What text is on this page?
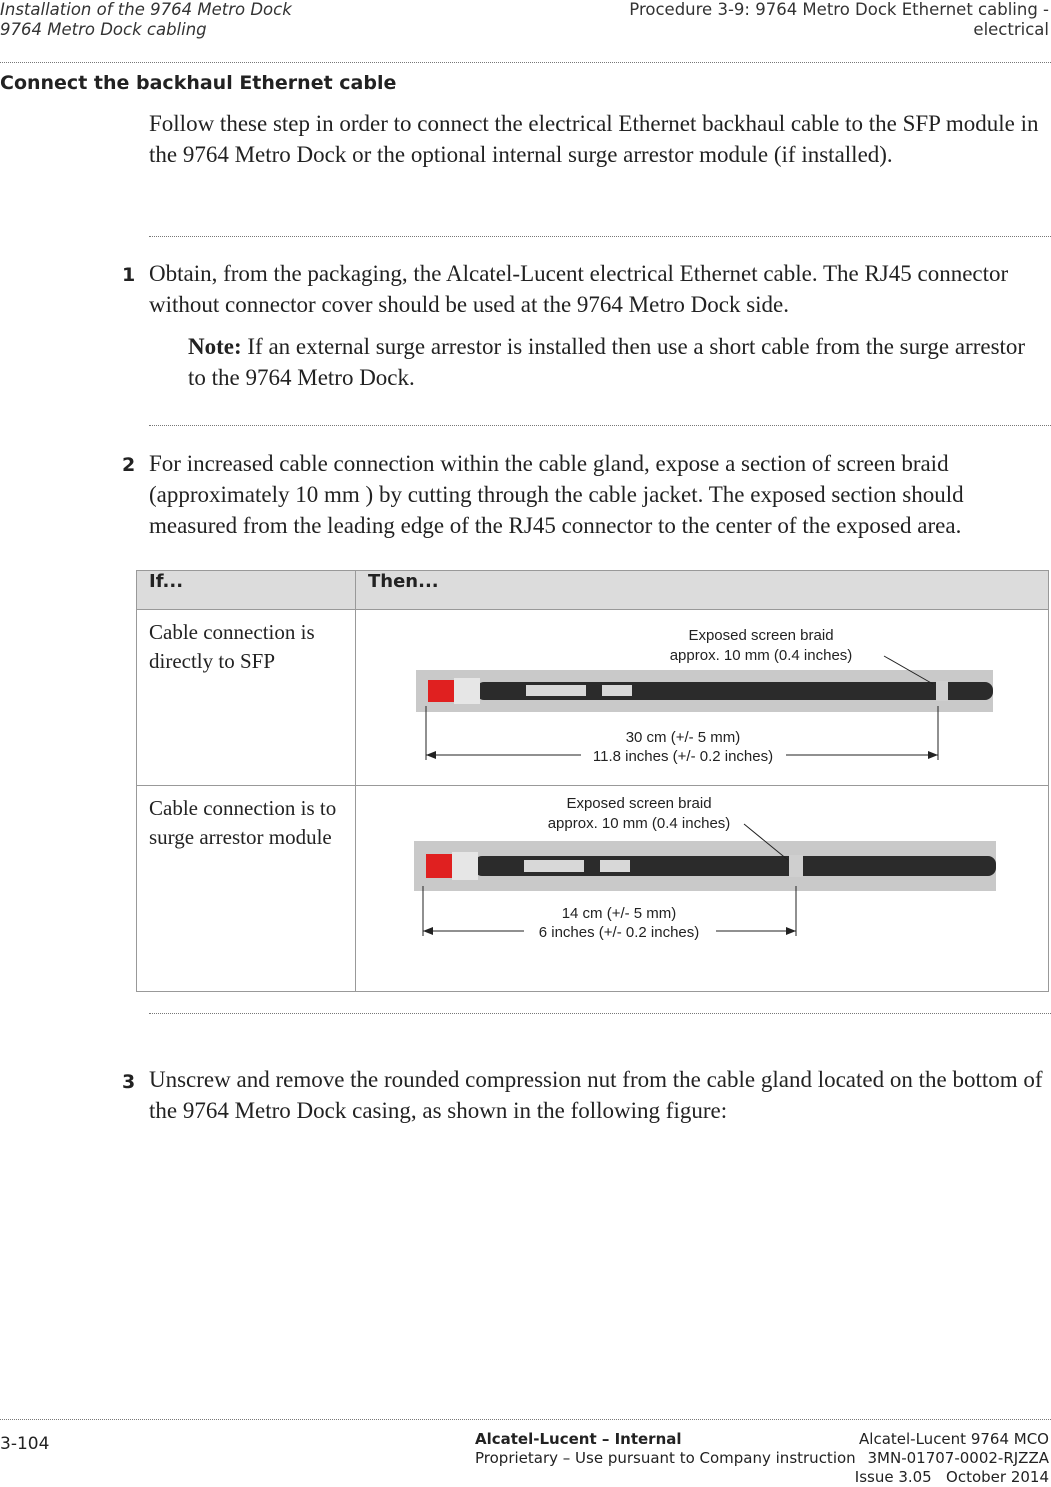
Installation of the 9764 Metro Dock
9764 Metro Dock cabling
Procedure 3-9: 9764 Metro Dock Ethernet cabling -
electrical
Connect the backhaul Ethernet cable
Follow these step in order to connect the electrical Ethernet backhaul cable to the SFP module in the 9764 Metro Dock or the optional internal surge arrestor module (if installed).
1 Obtain, from the packaging, the Alcatel-Lucent electrical Ethernet cable. The RJ45 connector without connector cover should be used at the 9764 Metro Dock side.
Note: If an external surge arrestor is installed then use a short cable from the surge arrestor to the 9764 Metro Dock.
2 For increased cable connection within the cable gland, expose a section of screen braid (approximately 10 mm ) by cutting through the cable jacket. The exposed section should measured from the leading edge of the RJ45 connector to the center of the exposed area.
If...	Then...
Cable connection is directly to SFP	Exposed screen braid
approx. 10 mm (0.4 inches)
30 cm (+/- 5 mm)
11.8 inches (+/- 0.2 inches)

Cable connection is to surge arrestor module	Exposed screen braid
approx. 10 mm (0.4 inches)
14 cm (+/- 5 mm)
6 inches (+/- 0.2 inches)
3 Unscrew and remove the rounded compression nut from the cable gland located on the bottom of the 9764 Metro Dock casing, as shown in the following figure:
3-104	Alcatel-Lucent – Internal
Proprietary – Use pursuant to Company instruction
Alcatel-Lucent 9764 MCO
3MN-01707-0002-RJZZA
Issue 3.05   October 2014
